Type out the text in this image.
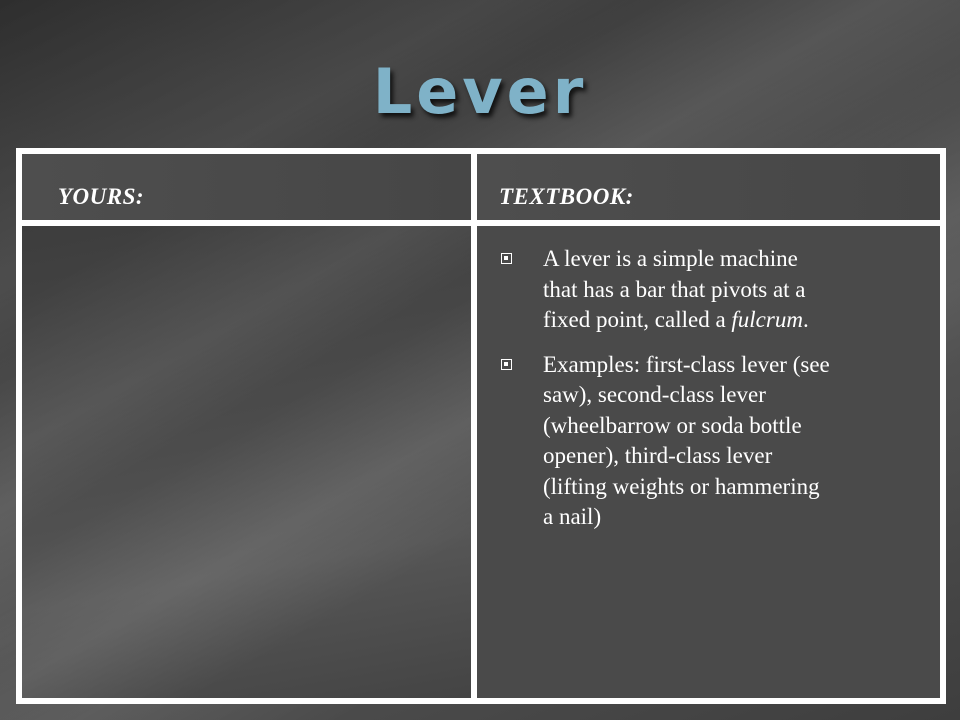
Lever
YOURS:	TEXTBOOK:
A lever is a simple machine that has a bar that pivots at a fixed point, called a fulcrum.
Examples: first-class lever (see saw), second-class lever (wheelbarrow or soda bottle opener), third-class lever (lifting weights or hammering a nail)
